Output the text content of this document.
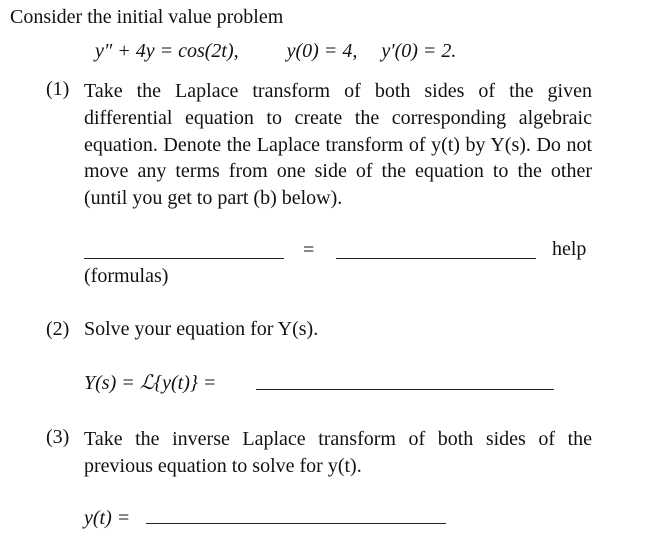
Consider the initial value problem
y″ + 4y = cos(2t), y(0) = 4, y′(0) = 2.
(1) Take the Laplace transform of both sides of the given differential equation to create the corresponding algebraic equation. Denote the Laplace transform of y(t) by Y(s). Do not move any terms from one side of the equation to the other (until you get to part (b) below).
=	help
(formulas)
(2) Solve your equation for Y(s).
Y(s) = ℒ{y(t)} =
(3) Take the inverse Laplace transform of both sides of the previous equation to solve for y(t).
y(t) =
